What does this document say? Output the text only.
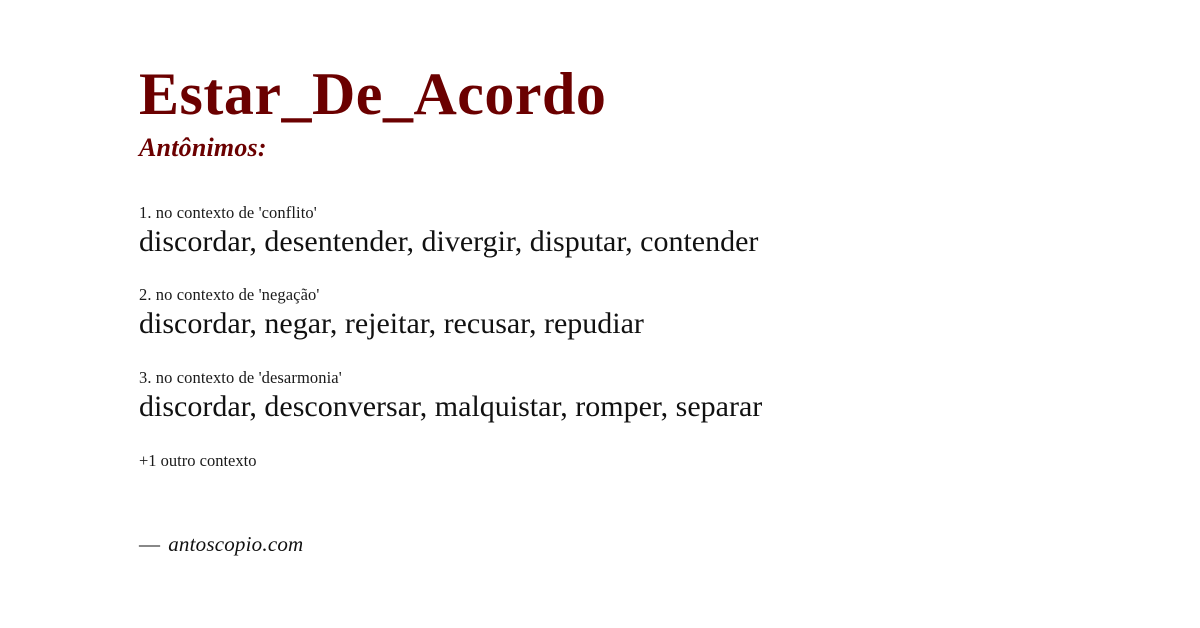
Estar_De_Acordo
Antônimos:

1. no contexto de 'conflito'

discordar, desentender, divergir, disputar, contender

2. no contexto de 'negação'

discordar, negar, rejeitar, recusar, repudiar

3. no contexto de 'desarmonia'

discordar, desconversar, malquistar, romper, separar

+1 outro contexto

— antoscopio.com
